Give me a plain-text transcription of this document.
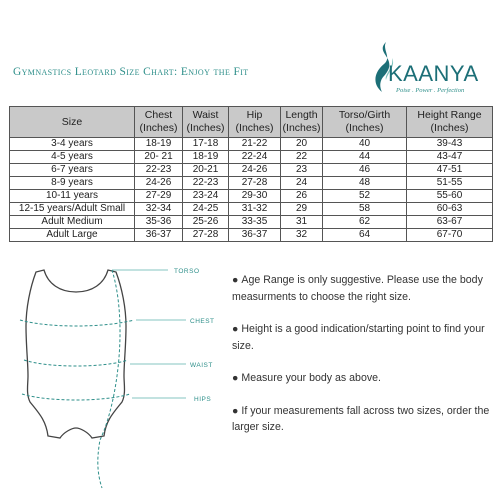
Gymnastics Leotard Size Chart: Enjoy the Fit	KAANYA
Poise . Power . Perfection
Size	Chest (Inches)	Waist (Inches)	Hip (Inches)	Length (Inches)	Torso/Girth (Inches)	Height Range (Inches)
3-4 years	18-19	17-18	21-22	20	40	39-43
4-5 years	20- 21	18-19	22-24	22	44	43-47
6-7 years	22-23	20-21	24-26	23	46	47-51
8-9 years	24-26	22-23	27-28	24	48	51-55
10-11 years	27-29	23-24	29-30	26	52	55-60
12-15 years/Adult Small	32-34	24-25	31-32	29	58	60-63
Adult Medium	35-36	25-26	33-35	31	62	63-67
Adult Large	36-37	27-28	36-37	32	64	67-70
TORSO
CHEST
WAIST
HIPS
● Age Range is only suggestive. Please use the body measurments to choose the right size.
● Height is a good indication/starting point to find your size.
● Measure your body as above.
● If your measurements fall across two sizes, order the larger size.
